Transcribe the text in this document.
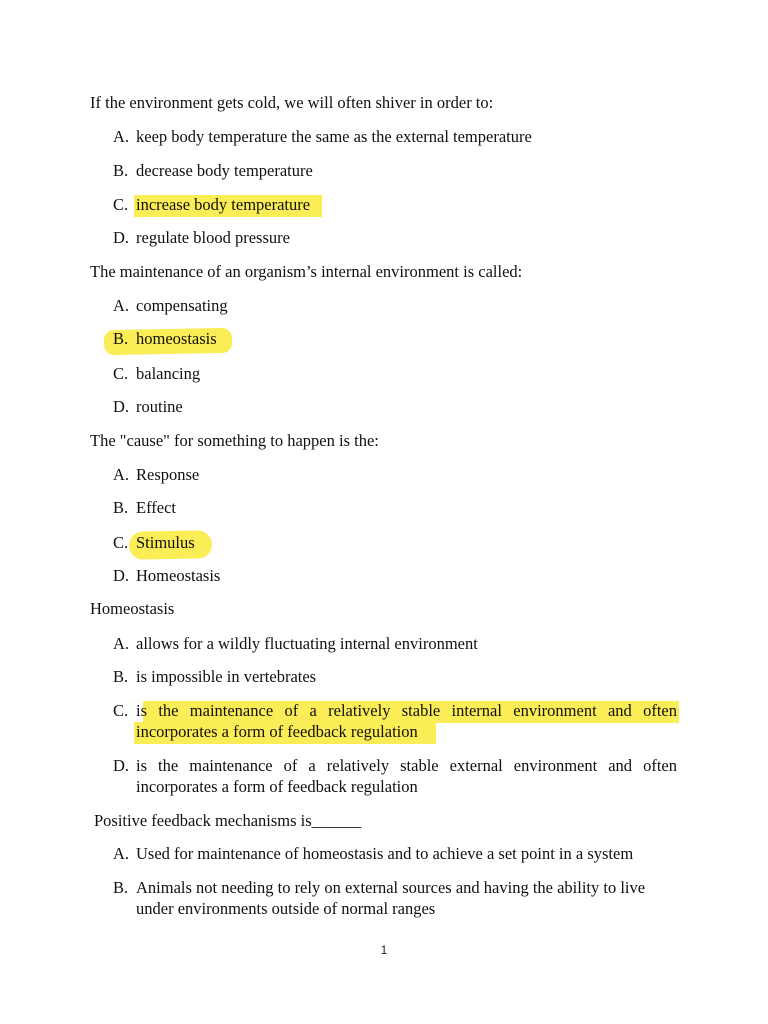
If the environment gets cold, we will often shiver in order to:
A. keep body temperature the same as the external temperature
B. decrease body temperature
C. increase body temperature
D. regulate blood pressure
The maintenance of an organism’s internal environment is called:
A. compensating
B. homeostasis
C. balancing
D. routine
The "cause" for something to happen is the:
A. Response
B. Effect
C. Stimulus
D. Homeostasis
Homeostasis
A. allows for a wildly fluctuating internal environment
B. is impossible in vertebrates
C. is the maintenance of a relatively stable internal environment and often
incorporates a form of feedback regulation
D. is the maintenance of a relatively stable external environment and often
incorporates a form of feedback regulation
Positive feedback mechanisms is______
A. Used for maintenance of homeostasis and to achieve a set point in a system
B. Animals not needing to rely on external sources and having the ability to live
under environments outside of normal ranges
1
